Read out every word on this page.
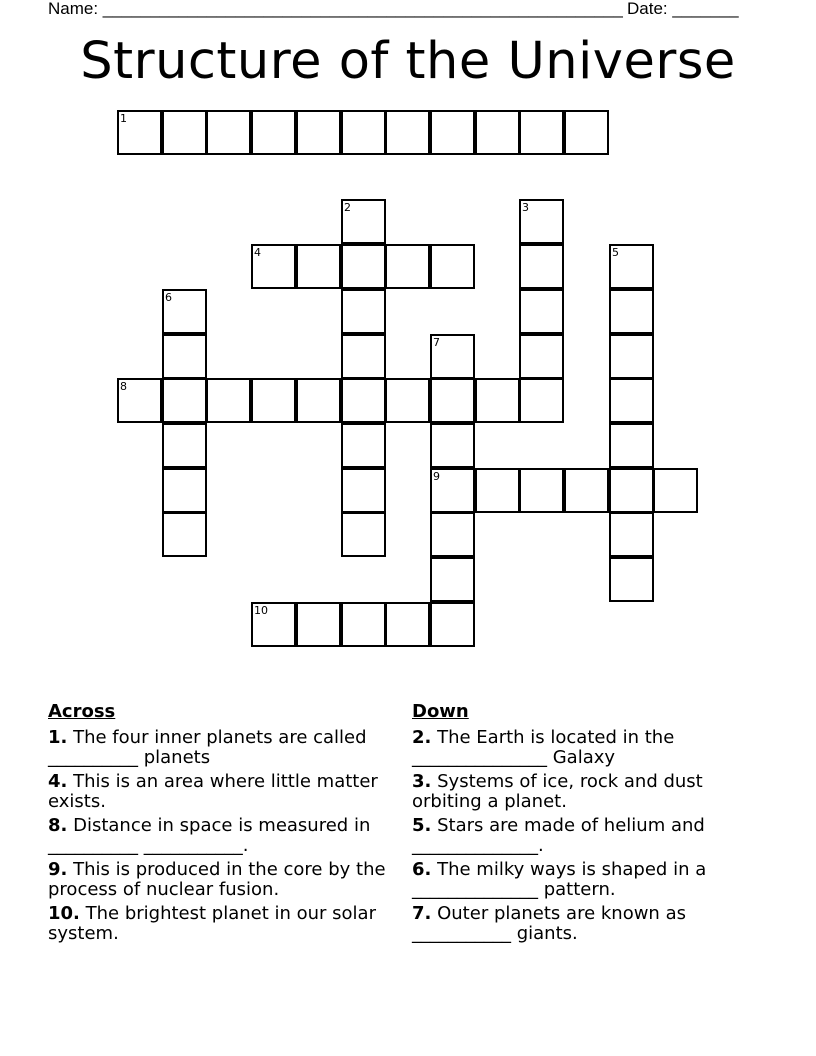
Name: _______________________________________________________ Date: _______
Structure of the Universe
1
2	3
4	5
6
7
8
9
10
Across
1. The four inner planets are called __________ planets
4. This is an area where little matter exists.
8. Distance in space is measured in __________ ___________.
9. This is produced in the core by the process of nuclear fusion.
10. The brightest planet in our solar system.
Down
2. The Earth is located in the _______________ Galaxy
3. Systems of ice, rock and dust orbiting a planet.
5. Stars are made of helium and ______________.
6. The milky ways is shaped in a ______________ pattern.
7. Outer planets are known as ___________ giants.
